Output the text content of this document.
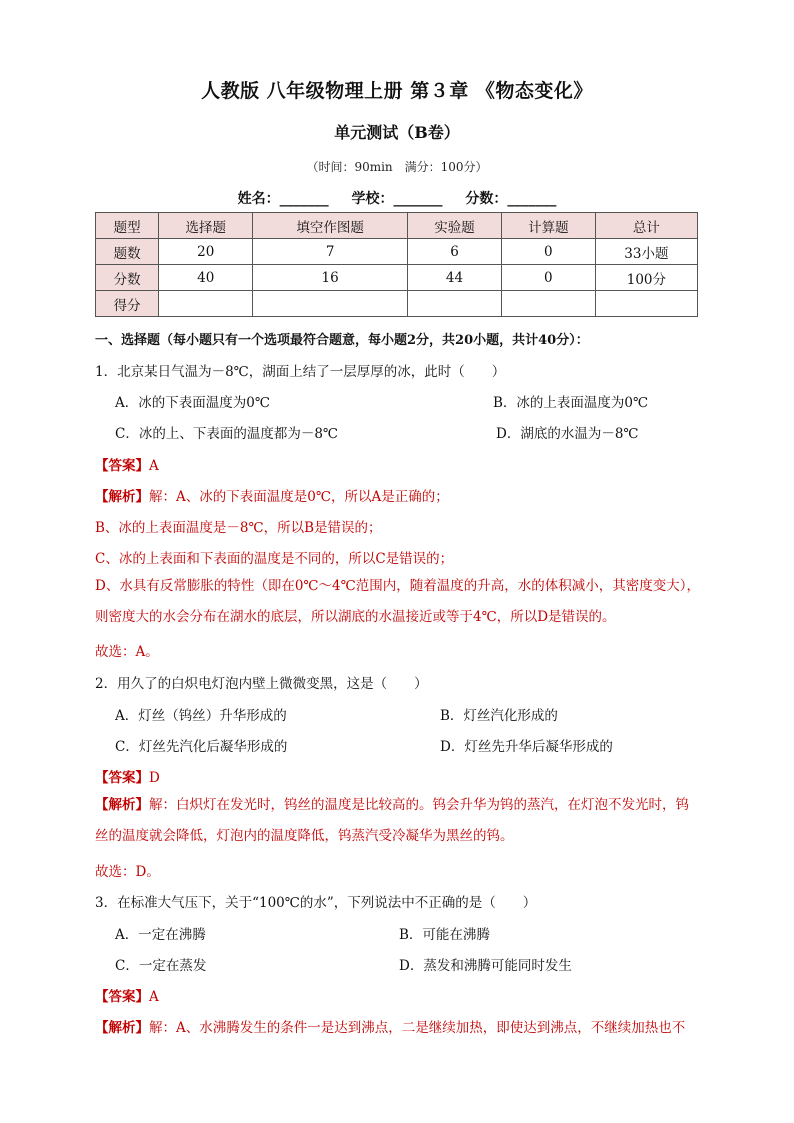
人教版 八年级物理上册 第３章 《物态变化》
单元测试（B卷）
（时间：90min　满分：100分）
姓名：_______ 学校：_______ 分数：_______
题型	选择题	填空作图题	实验题	计算题	总计
题数	20	7	6	0	33小题
分数	40	16	44	0	100分
得分					
一、选择题（每小题只有一个选项最符合题意，每小题2分，共20小题，共计40分）：
1．北京某日气温为－8℃，湖面上结了一层厚厚的冰，此时（　　）
A．冰的下表面温度为0℃	B．冰的上表面温度为0℃
C．冰的上、下表面的温度都为－8℃	D．湖底的水温为－8℃
【答案】A
【解析】解：A、冰的下表面温度是0℃，所以A是正确的；
B、冰的上表面温度是－8℃，所以B是错误的；
C、冰的上表面和下表面的温度是不同的，所以C是错误的；
D、水具有反常膨胀的特性（即在0℃～4℃范围内，随着温度的升高，水的体积减小，其密度变大），则密度大的水会分布在湖水的底层，所以湖底的水温接近或等于4℃，所以D是错误的。
故选：A。
2．用久了的白炽电灯泡内壁上微微变黑，这是（　　）
A．灯丝（钨丝）升华形成的	B．灯丝汽化形成的
C．灯丝先汽化后凝华形成的	D．灯丝先升华后凝华形成的
【答案】D
【解析】解：白炽灯在发光时，钨丝的温度是比较高的。钨会升华为钨的蒸汽，在灯泡不发光时，钨丝的温度就会降低，灯泡内的温度降低，钨蒸汽受冷凝华为黑丝的钨。
故选：D。
3．在标准大气压下，关于“100℃的水”，下列说法中不正确的是（　　）
A．一定在沸腾	B．可能在沸腾
C．一定在蒸发	D．蒸发和沸腾可能同时发生
【答案】A
【解析】解：A、水沸腾发生的条件一是达到沸点，二是继续加热，即使达到沸点，不继续加热也不
